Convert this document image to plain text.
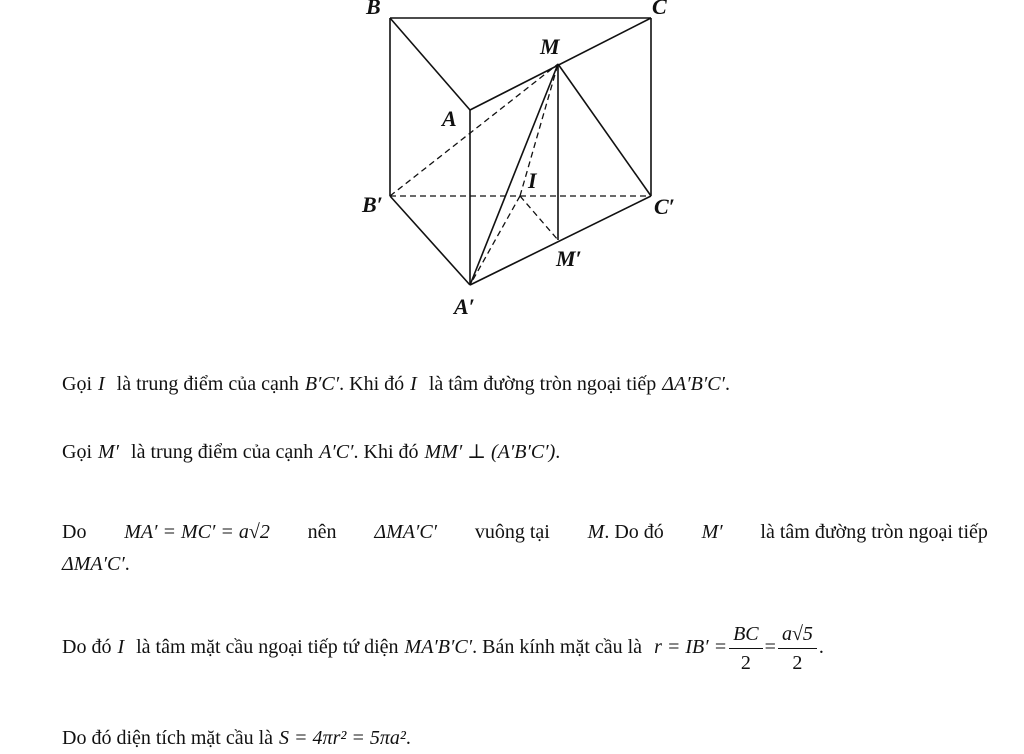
B	C
M
A
I
B′	C′
M′
A′
Gọi I là trung điểm của cạnh B′C′. Khi đó I là tâm đường tròn ngoại tiếp ΔA′B′C′.
Gọi M′ là trung điểm của cạnh A′C′. Khi đó MM′ ⊥ (A′B′C′).
Do MA′ = MC′ = a√2 nên ΔMA′C′ vuông tại M. Do đó M′ là tâm đường tròn ngoại tiếp
ΔMA′C′.
Do đó I là tâm mặt cầu ngoại tiếp tứ diện MA′B′C′. Bán kính mặt cầu là $r = IB' = \frac{BC}{2} = \frac{a√5}{2}$ .
Do đó diện tích mặt cầu là S = 4πr² = 5πa².
